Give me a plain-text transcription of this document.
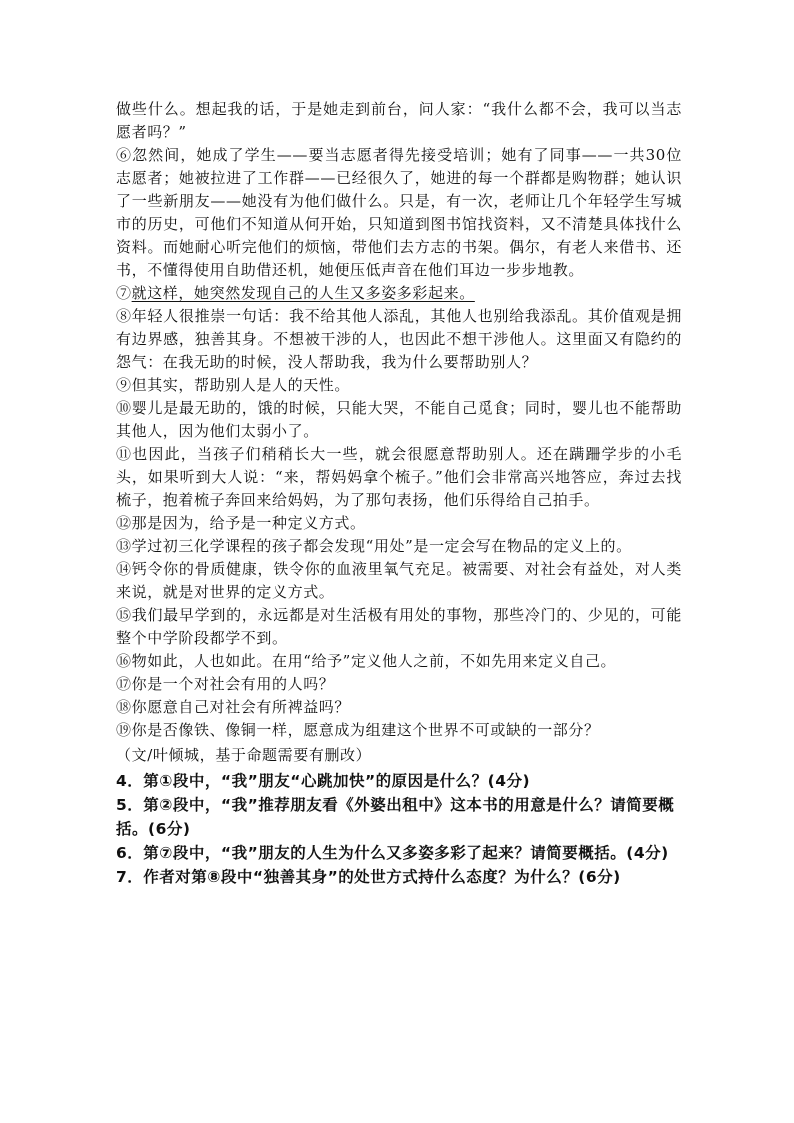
做些什么。想起我的话，于是她走到前台，问人家：“我什么都不会，我可以当志愿者吗？”

⑥忽然间，她成了学生——要当志愿者得先接受培训；她有了同事——一共30位志愿者；她被拉进了工作群——已经很久了，她进的每一个群都是购物群；她认识了一些新朋友——她没有为他们做什么。只是，有一次，老师让几个年轻学生写城市的历史，可他们不知道从何开始，只知道到图书馆找资料，又不清楚具体找什么资料。而她耐心听完他们的烦恼，带他们去方志的书架。偶尔，有老人来借书、还书，不懂得使用自助借还机，她便压低声音在他们耳边一步步地教。

⑦就这样，她突然发现自己的人生又多姿多彩起来。

⑧年轻人很推崇一句话：我不给其他人添乱，其他人也别给我添乱。其价值观是拥有边界感，独善其身。不想被干涉的人，也因此不想干涉他人。这里面又有隐约的怨气：在我无助的时候，没人帮助我，我为什么要帮助别人？

⑨但其实，帮助别人是人的天性。

⑩婴儿是最无助的，饿的时候，只能大哭，不能自己觅食；同时，婴儿也不能帮助其他人，因为他们太弱小了。

⑪也因此，当孩子们稍稍长大一些，就会很愿意帮助别人。还在蹒跚学步的小毛头，如果听到大人说：“来，帮妈妈拿个梳子。”他们会非常高兴地答应，奔过去找梳子，抱着梳子奔回来给妈妈，为了那句表扬，他们乐得给自己拍手。

⑫那是因为，给予是一种定义方式。

⑬学过初三化学课程的孩子都会发现“用处”是一定会写在物品的定义上的。

⑭钙令你的骨质健康，铁令你的血液里氧气充足。被需要、对社会有益处，对人类来说，就是对世界的定义方式。

⑮我们最早学到的，永远都是对生活极有用处的事物，那些冷门的、少见的，可能整个中学阶段都学不到。

⑯物如此，人也如此。在用“给予”定义他人之前，不如先用来定义自己。

⑰你是一个对社会有用的人吗？

⑱你愿意自己对社会有所裨益吗？

⑲你是否像铁、像铜一样，愿意成为组建这个世界不可或缺的一部分？

（文/叶倾城，基于命题需要有删改）

4．第①段中，“我”朋友“心跳加快”的原因是什么？(4分)

5．第②段中，“我”推荐朋友看《外婆出租中》这本书的用意是什么？请简要概括。(6分)

6．第⑦段中，“我”朋友的人生为什么又多姿多彩了起来？请简要概括。(4分)

7．作者对第⑧段中“独善其身”的处世方式持什么态度？为什么？(6分)
